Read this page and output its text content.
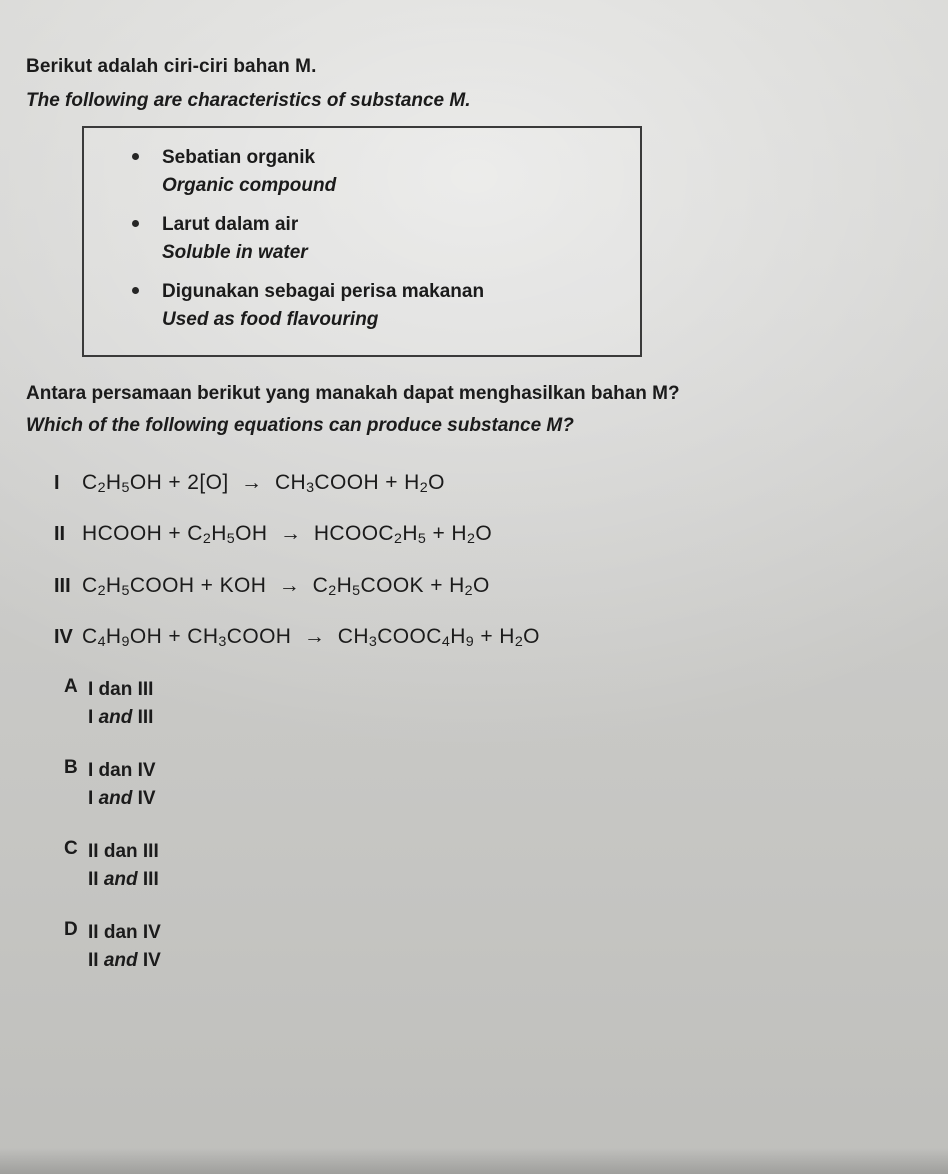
Berikut adalah ciri-ciri bahan M.

The following are characteristics of substance M.

Sebatian organik
Organic compound
Larut dalam air
Soluble in water
Digunakan sebagai perisa makanan
Used as food flavouring

Antara persamaan berikut yang manakah dapat menghasilkan bahan M?

Which of the following equations can produce substance M?

I	$C_2H_5OH + 2[O]$  →  $CH_3COOH + H_2O$
II HCOOH + $C_2H_5OH$  →  $HCOOC_2H_5 + H_2O$
III $C_2H_5COOH$ + KOH  →  $C_2H_5COOK + H_2O$
IV $C_4H_9OH$ + $CH_3COOH$  →  $CH_3COOC_4H_9 + H_2O$
A I dan III
I and III
B I dan IV
I and IV
C II dan III
II and III
D II dan IV
II and IV
